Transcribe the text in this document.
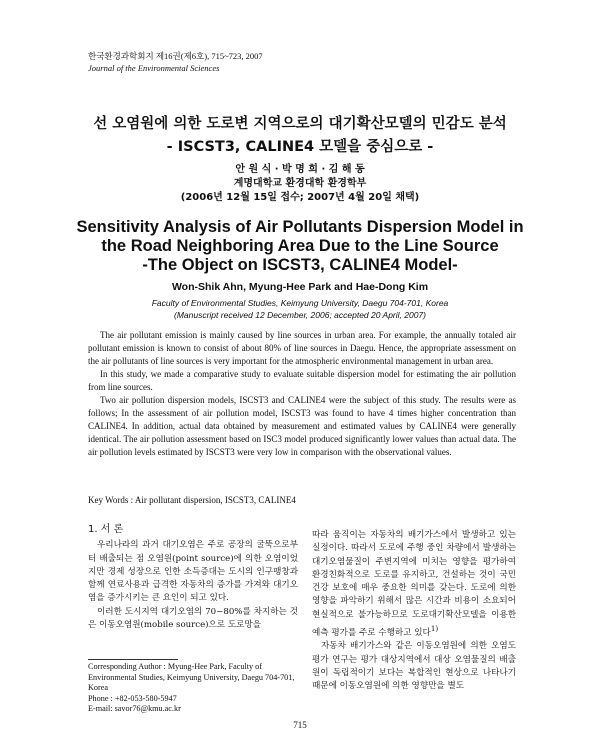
한국환경과학회지 제16권(제6호), 715~723, 2007
Journal of the Environmental Sciences
선 오염원에 의한 도로변 지역으로의 대기확산모델의 민감도 분석
- ISCST3, CALINE4 모델을 중심으로 -
안 원 식 · 박 명 희 · 김 해 동
계명대학교 환경대학 환경학부
(2006년 12월 15일 접수; 2007년 4월 20일 채택)
Sensitivity Analysis of Air Pollutants Dispersion Model in
the Road Neighboring Area Due to the Line Source
-The Object on ISCST3, CALINE4 Model-
Won-Shik Ahn, Myung-Hee Park and Hae-Dong Kim
Faculty of Environmental Studies, Keimyung University, Daegu 704-701, Korea
(Manuscript received 12 December, 2006; accepted 20 April, 2007)

The air pollutant emission is mainly caused by line sources in urban area. For example, the annually totaled air pollutant emission is known to consist of about 80% of line sources in Daegu. Hence, the appropriate assessment on the air pollutants of line sources is very important for the atmospheric environmental management in urban area.

In this study, we made a comparative study to evaluate suitable dispersion model for estimating the air pollution from line sources.

Two air pollution dispersion models, ISCST3 and CALINE4 were the subject of this study. The results were as follows; In the assessment of air pollution model, ISCST3 was found to have 4 times higher concentration than CALINE4. In addition, actual data obtained by measurement and estimated values by CALINE4 were generally identical. The air pollution assessment based on ISC3 model produced significantly lower values than actual data. The air pollution levels estimated by ISCST3 were very low in comparison with the observational values.

Key Words : Air pollutant dispersion, ISCST3, CALINE4
1. 서 론

우리나라의 과거 대기오염은 주로 공장의 굴뚝으로부터 배출되는 점 오염원(point source)에 의한 오염이었지만 경제 성장으로 인한 소득증대는 도시의 인구팽창과 함께 연료사용과 급격한 자동차의 증가를 가져와 대기오염을 증가시키는 큰 요인이 되고 있다.

이러한 도시지역 대기오염의 70~80%를 차지하는 것은 이동오염원(mobile source)으로 도로망을

따라 움직이는 자동차의 배기가스에서 발생하고 있는 실정이다. 따라서 도로에 주행 중인 차량에서 발생하는 대기오염물질이 주변지역에 미치는 영향을 평가하여 환경친화적으로 도로를 유지하고, 건설하는 것이 국민 건강 보호에 매우 중요한 의미를 갖는다. 도로에 의한 영향을 파악하기 위해서 많은 시간과 비용이 소요되어 현실적으로 불가능하므로 도로대기확산모델을 이용한 예측 평가를 주로 수행하고 있다$^{1)}$

자동차 배기가스와 같은 이동오염원에 의한 오염도 평가 연구는 평가 대상지역에서 대상 오염물질의 배출원이 독립적이기 보다는 복합적인 현상으로 나타나기 때문에 이동오염원에 의한 영향만을 별도

Corresponding Author : Myung-Hee Park, Faculty of Environmental Studies, Keimyung University, Daegu 704-701, Korea
Phone : +82-053-580-5947
E-mail: savor76@kmu.ac.kr
715
